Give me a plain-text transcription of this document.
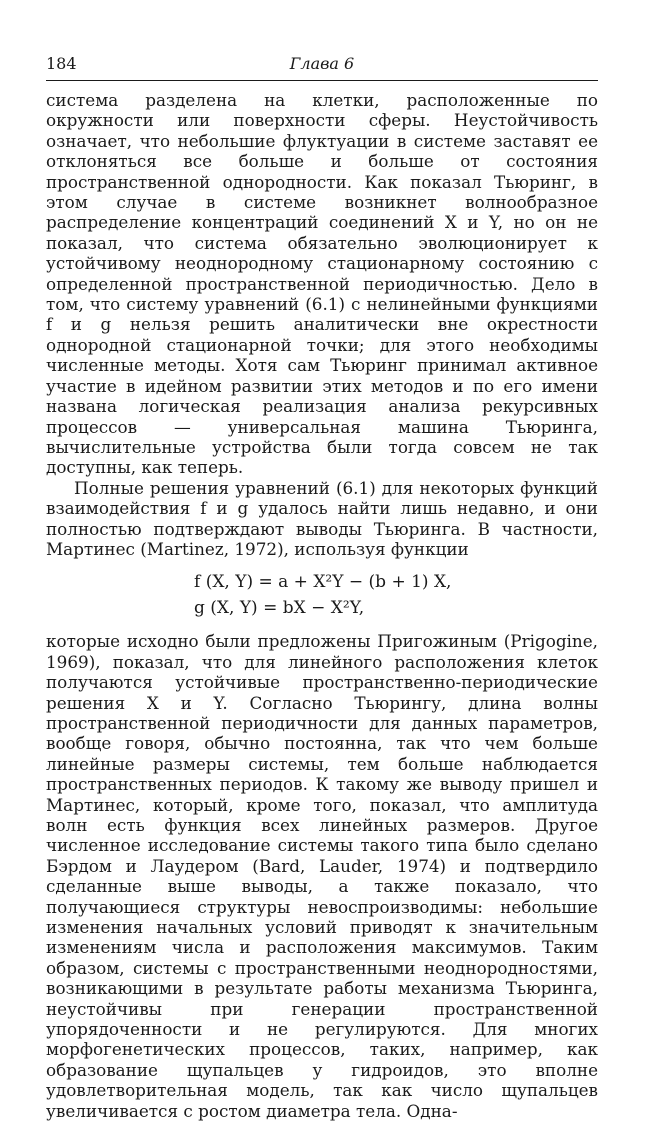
184	Глава 6

система разделена на клетки, расположенные по окружности или поверхности сферы. Неустойчивость означает, что небольшие флуктуации в системе заставят ее отклоняться все больше и больше от состояния пространственной однородности. Как показал Тьюринг, в этом случае в системе возникнет волнообразное распределение концентраций соединений X и Y, но он не показал, что система обязательно эволюционирует к устойчивому неоднородному стационарному состоянию с определенной пространственной периодичностью. Дело в том, что систему уравнений (6.1) с нелинейными функциями f и g нельзя решить аналитически вне окрестности однородной стационарной точки; для этого необходимы численные методы. Хотя сам Тьюринг принимал активное участие в идейном развитии этих методов и по его имени названа логическая реализация анализа рекурсивных процессов — универсальная машина Тьюринга, вычислительные устройства были тогда совсем не так доступны, как теперь.

Полные решения уравнений (6.1) для некоторых функций взаимодействия f и g удалось найти лишь недавно, и они полностью подтверждают выводы Тьюринга. В частности, Мартинес (Martinez, 1972), используя функции

f (X, Y) = a + X²Y − (b + 1) X,
g (X, Y) = bX − X²Y,

которые исходно были предложены Пригожиным (Prigogine, 1969), показал, что для линейного расположения клеток получаются устойчивые пространственно-периодические решения X и Y. Согласно Тьюрингу, длина волны пространственной периодичности для данных параметров, вообще говоря, обычно постоянна, так что чем больше линейные размеры системы, тем больше наблюдается пространственных периодов. К такому же выводу пришел и Мартинес, который, кроме того, показал, что амплитуда волн есть функция всех линейных размеров. Другое численное исследование системы такого типа было сделано Бэрдом и Лаудером (Bard, Lauder, 1974) и подтвердило сделанные выше выводы, а также показало, что получающиеся структуры невоспроизводимы: небольшие изменения начальных условий приводят к значительным изменениям числа и расположения максимумов. Таким образом, системы с пространственными неоднородностями, возникающими в результате работы механизма Тьюринга, неустойчивы при генерации пространственной упорядоченности и не регулируются. Для многих морфогенетических процессов, таких, например, как образование щупальцев у гидроидов, это вполне удовлетворительная модель, так как число щупальцев увеличивается с ростом диаметра тела. Одна-
